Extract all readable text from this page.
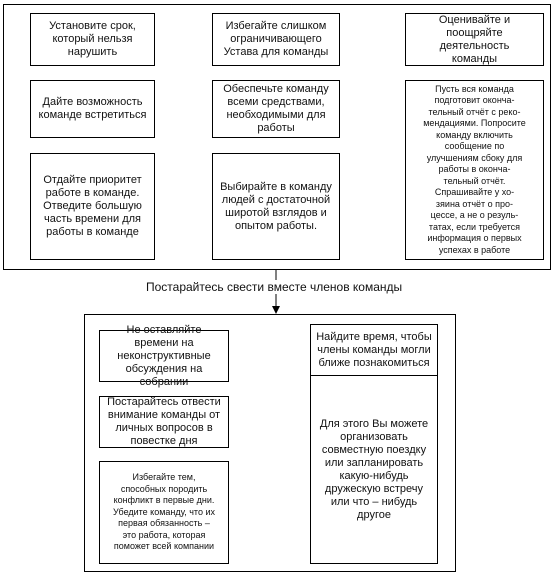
Установите срок,
который нельзя
нарушить
Дайте возможность
команде встретиться
Отдайте приоритет
работе в команде.
Отведите большую
часть времени для
работы в команде
Избегайте слишком
ограничивающего
Устава для команды
Обеспечьте команду
всеми средствами,
необходимыми для
работы
Выбирайте в команду
людей с достаточной
широтой взглядов и
опытом работы.
Оценивайте и
поощряйте
деятельность
команды
Пусть вся команда
подготовит окончa-
тельный отчёт с реко-
мендациями. Попросите
команду включить
сообщение по
улучшениям сбоку для
работы в оконча-
тельный отчёт.
Спрашивайте у хо-
зяина отчёт о про-
цессе, а не о резуль-
татах, если требуется
информация о первых
успехах в работе
Постарайтесь свести вместе членов команды
Не оставляйте
времени на
неконструктивные
обсуждения на
собрании
Постарайтесь отвести
внимание команды от
личных вопросов в
повестке дня
Избегайте тем,
способных породить
конфликт в первые дни.
Убедите команду, что их
первая обязанность –
это работа, которая
поможет всей компании
Найдите время, чтобы
члены команды могли
ближе познакомиться
Для этого Вы можете
организовать
совместную поездку
или запланировать
какую-нибудь
дружескую встречу
или что – нибудь
другое
